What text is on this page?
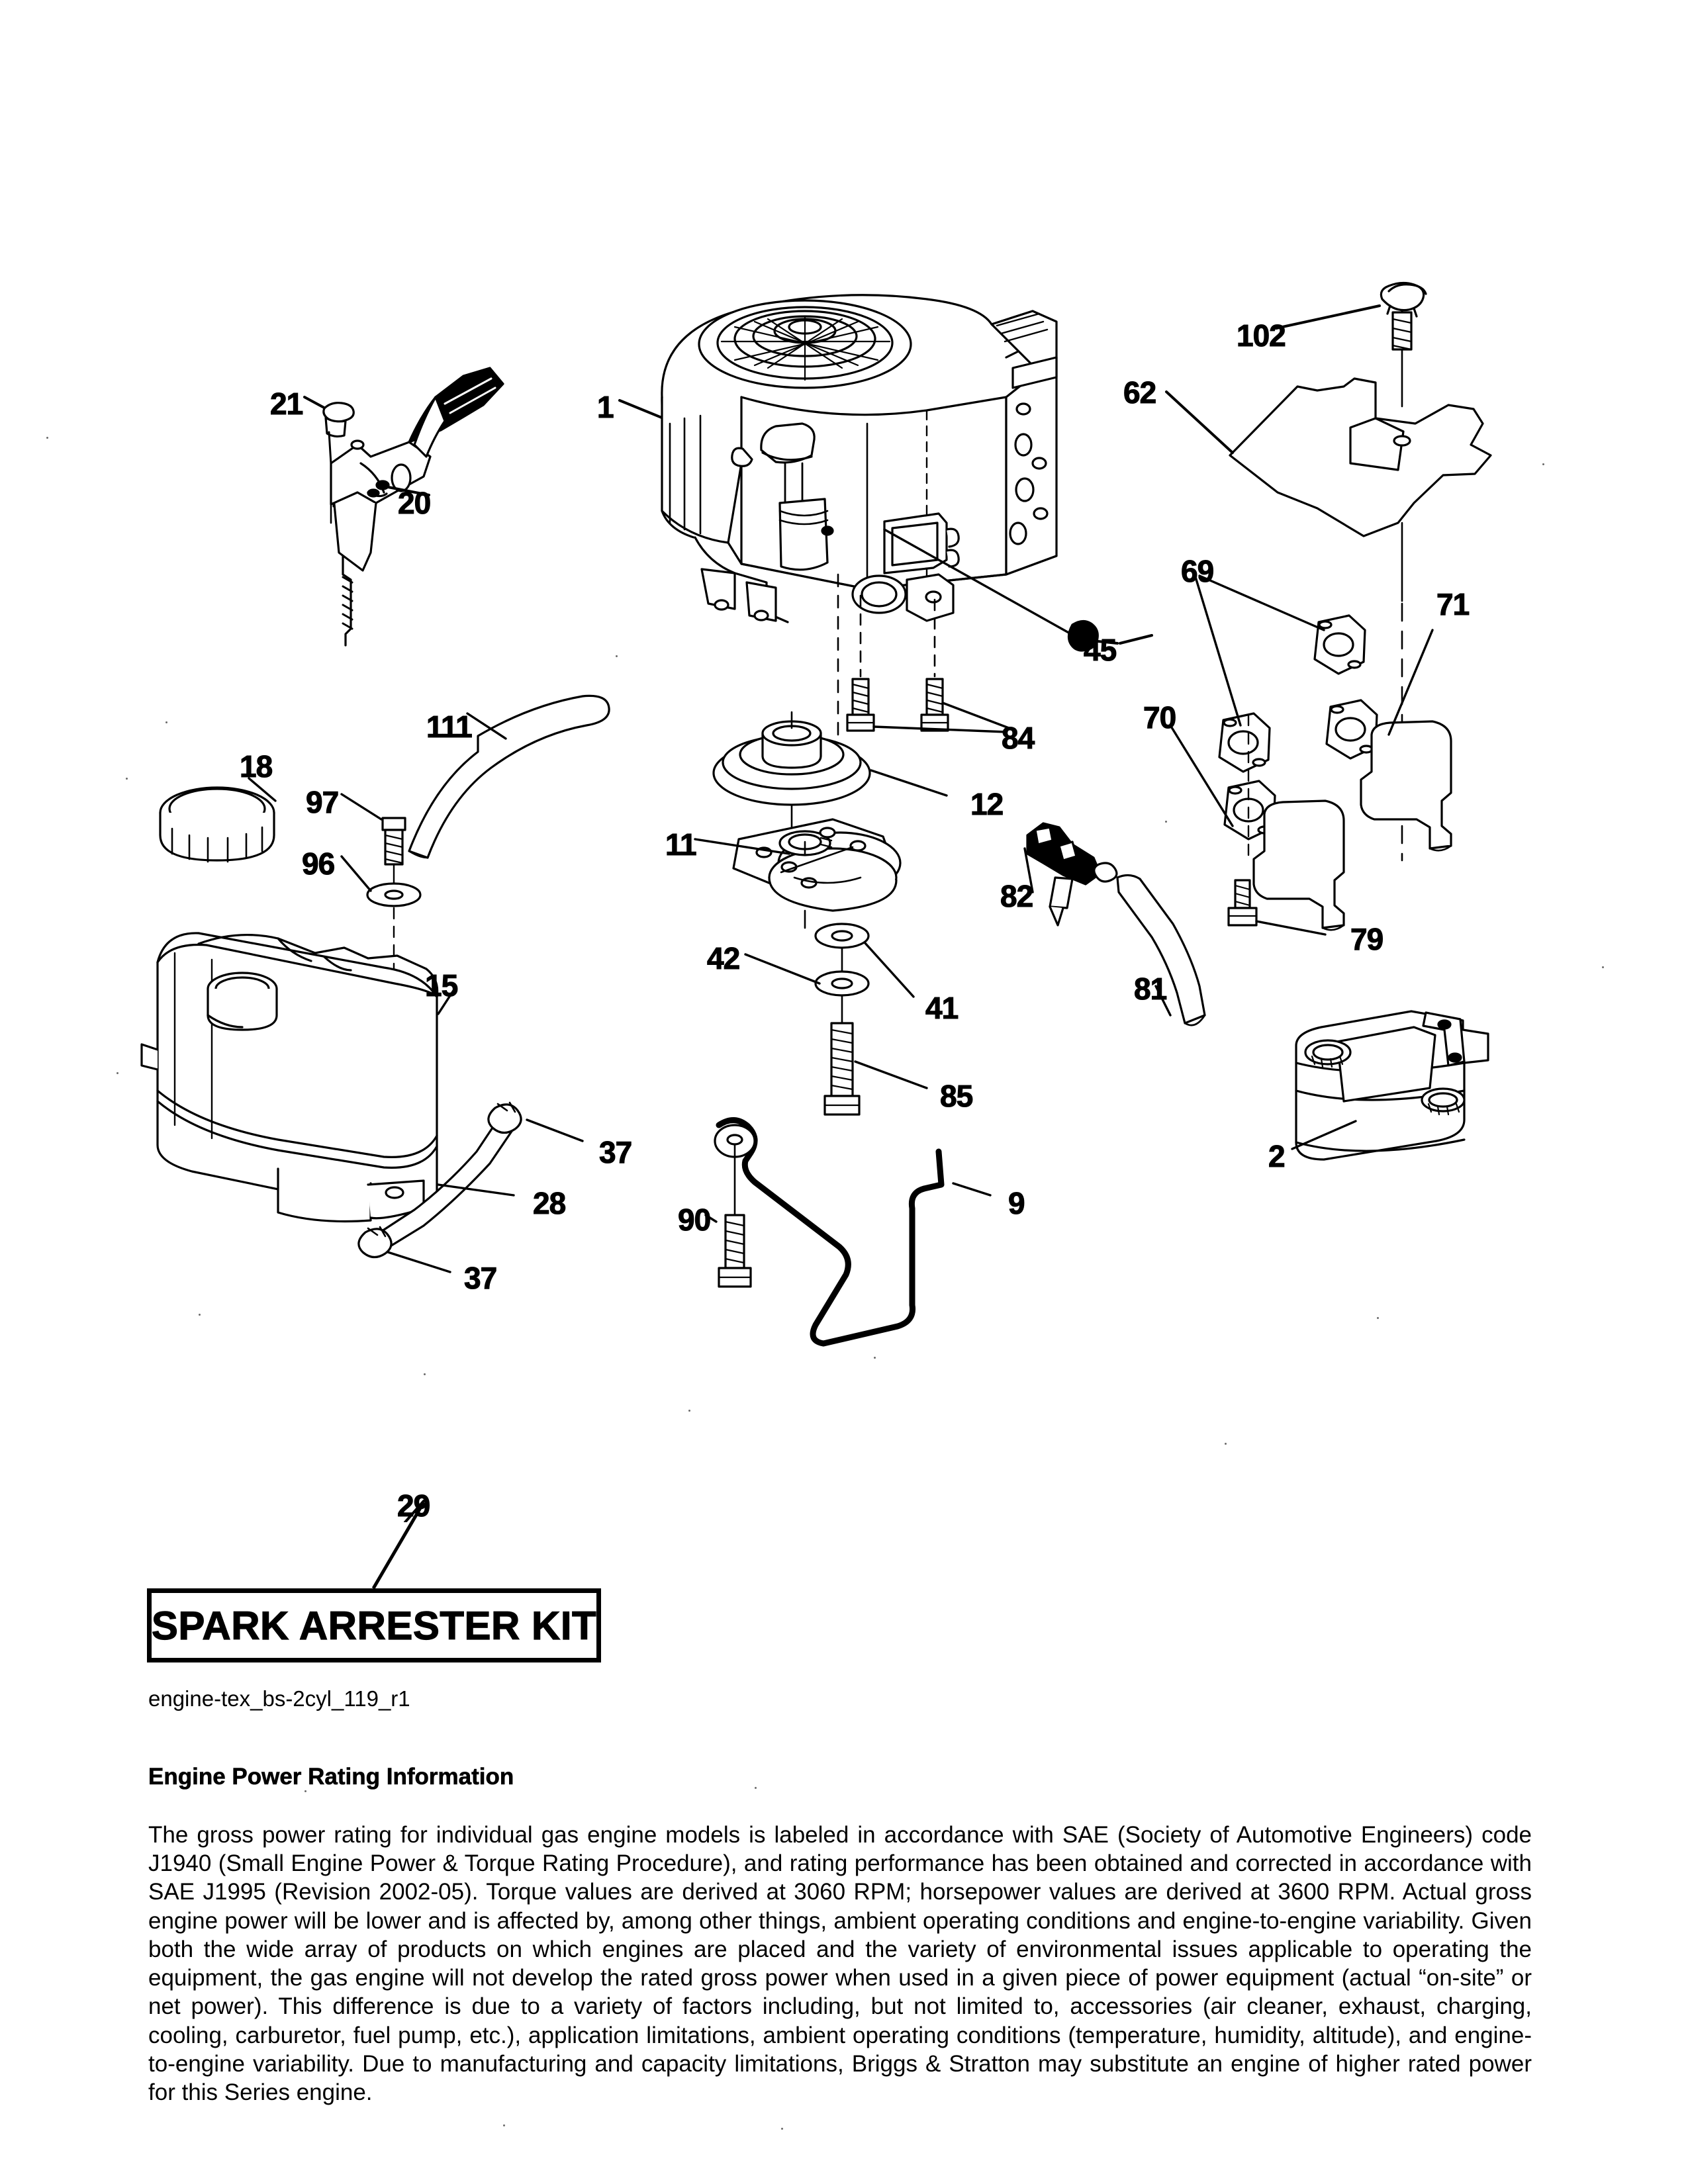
21
20
1
102
62
69
71
45
70
84
111
18
97	12
96
11
82
79
15
42
41
81
85
37	2
28	9
90
37
29
SPARK ARRESTER KIT
engine-tex_bs-2cyl_119_r1
Engine Power Rating Information
The gross power rating for individual gas engine models is labeled in accordance with SAE (Society of Automotive Engineers) code J1940 (Small Engine Power & Torque Rating Procedure), and rating performance has been obtained and corrected in accordance with SAE J1995 (Revision 2002-05). Torque values are derived at 3060 RPM; horsepower values are derived at 3600 RPM. Actual gross engine power will be lower and is affected by, among other things, ambient operating conditions and engine-to-engine variability. Given both the wide array of products on which engines are placed and the variety of environmental issues applicable to operating the equipment, the gas engine will not develop the rated gross power when used in a given piece of power equipment (actual “on-site” or net power). This difference is due to a variety of factors including, but not limited to, accessories (air cleaner, exhaust, charging, cooling, carburetor, fuel pump, etc.), application limitations, ambient operating conditions (temperature, humidity, altitude), and engine-to-engine variability. Due to manufacturing and capacity limitations, Briggs & Stratton may substitute an engine of higher rated power for this Series engine.
